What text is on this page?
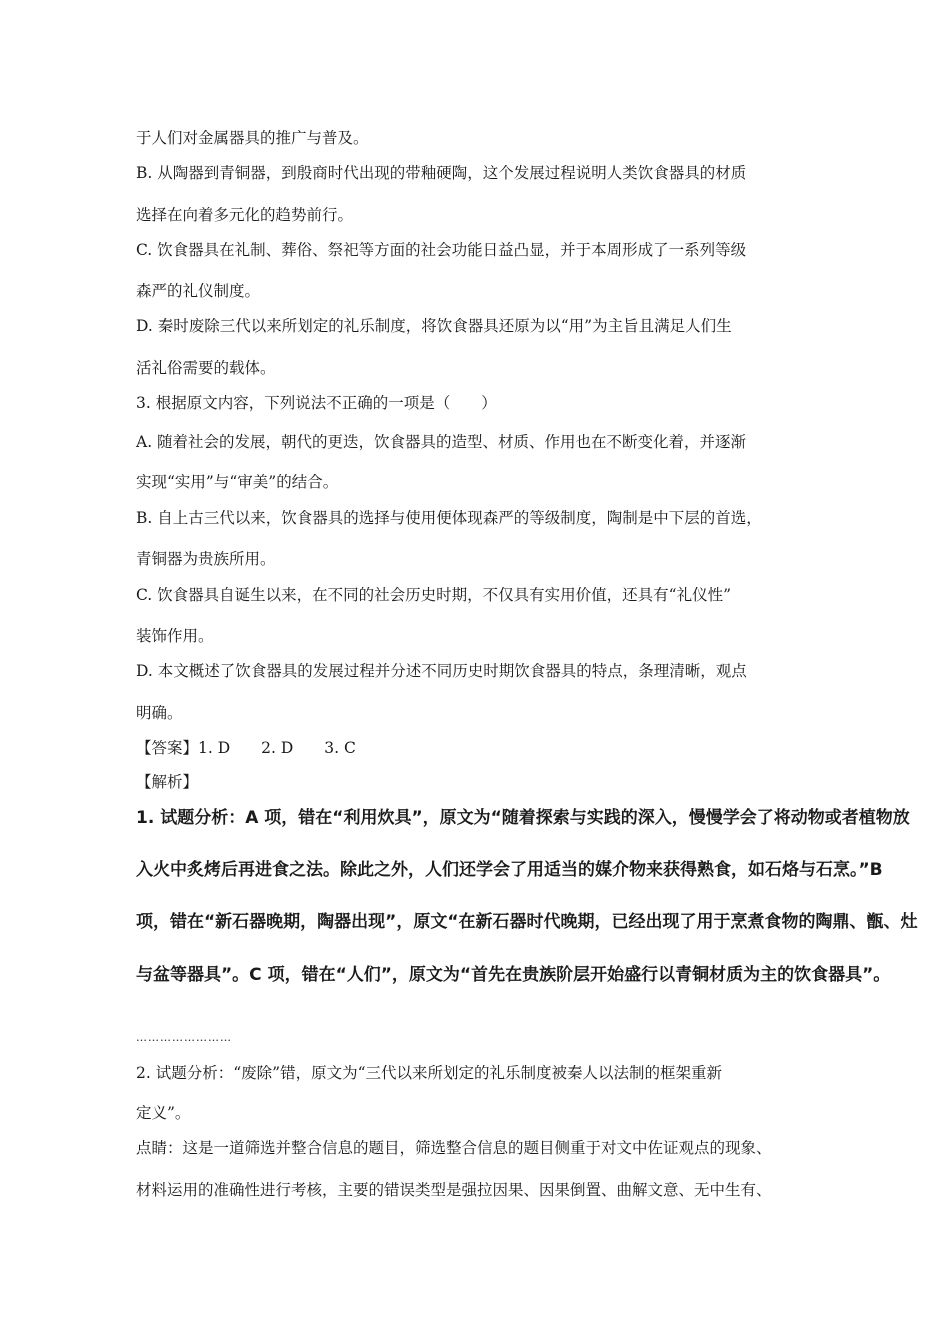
于人们对金属器具的推广与普及。
B. 从陶器到青铜器，到殷商时代出现的带釉硬陶，这个发展过程说明人类饮食器具的材质
选择在向着多元化的趋势前行。
C. 饮食器具在礼制、葬俗、祭祀等方面的社会功能日益凸显，并于本周形成了一系列等级
森严的礼仪制度。
D. 秦时废除三代以来所划定的礼乐制度，将饮食器具还原为以“用”为主旨且满足人们生
活礼俗需要的载体。
3. 根据原文内容，下列说法不正确的一项是（　　）
A. 随着社会的发展，朝代的更迭，饮食器具的造型、材质、作用也在不断变化着，并逐渐
实现“实用”与“审美”的结合。
B. 自上古三代以来，饮食器具的选择与使用便体现森严的等级制度，陶制是中下层的首选，
青铜器为贵族所用。
C. 饮食器具自诞生以来，在不同的社会历史时期，不仅具有实用价值，还具有“礼仪性”
装饰作用。
D. 本文概述了饮食器具的发展过程并分述不同历史时期饮食器具的特点，条理清晰，观点
明确。
【答案】1. D　　2. D　　3. C
【解析】
1. 试题分析：A 项，错在“利用炊具”，原文为“随着探索与实践的深入，慢慢学会了将动物或者植物放
入火中炙烤后再进食之法。除此之外，人们还学会了用适当的媒介物来获得熟食，如石烙与石烹。”B
项，错在“新石器晚期，陶器出现”，原文“在新石器时代晚期，已经出现了用于烹煮食物的陶鼎、甑、灶
与盆等器具”。C 项，错在“人们”，原文为“首先在贵族阶层开始盛行以青铜材质为主的饮食器具”。
……………………
2. 试题分析：“废除”错，原文为“三代以来所划定的礼乐制度被秦人以法制的框架重新
定义”。
点睛：这是一道筛选并整合信息的题目，筛选整合信息的题目侧重于对文中佐证观点的现象、
材料运用的准确性进行考核，主要的错误类型是强拉因果、因果倒置、曲解文意、无中生有、
